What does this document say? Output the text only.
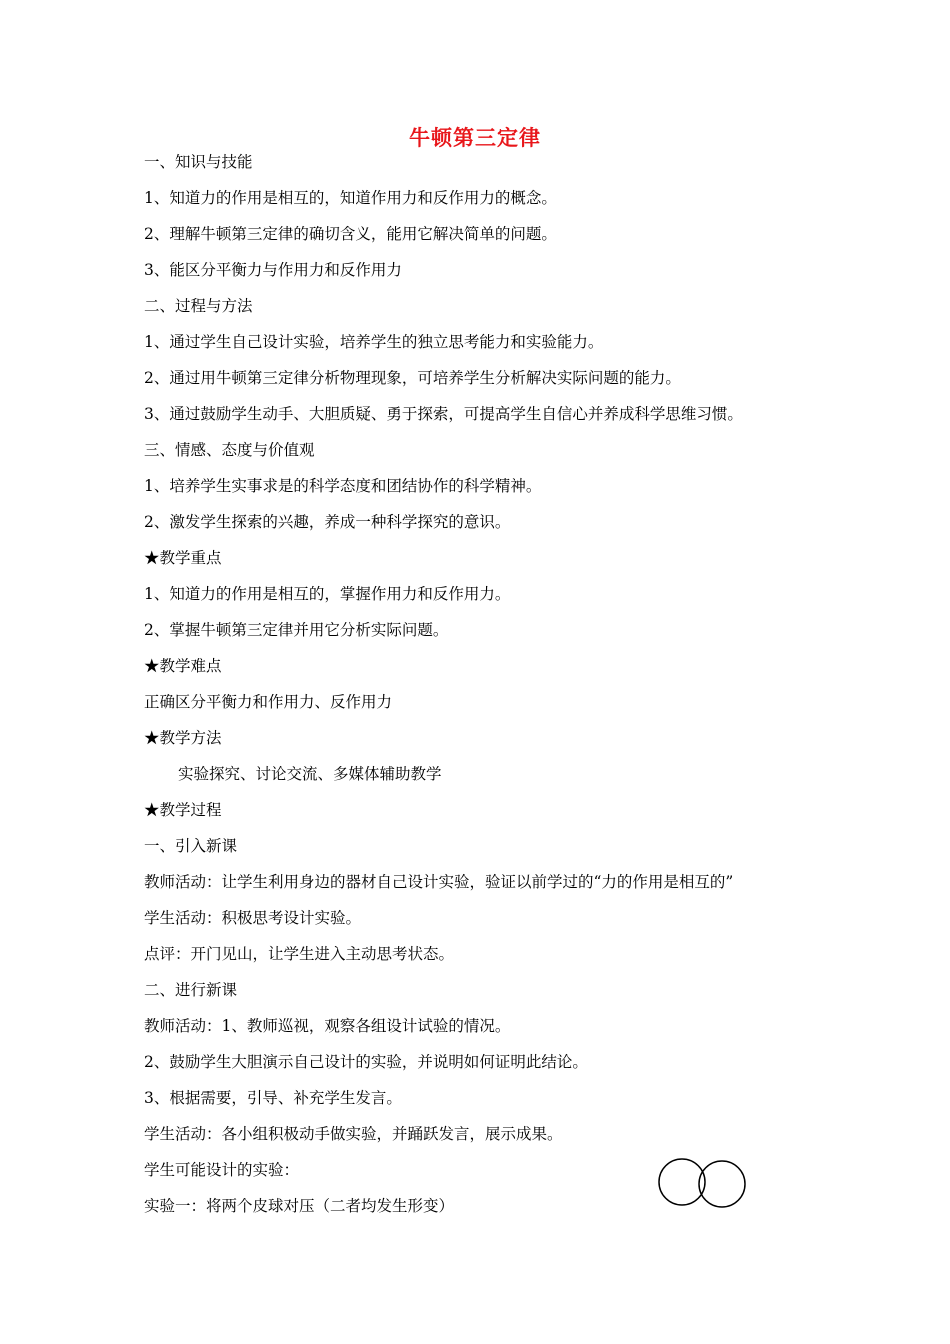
牛顿第三定律
一、知识与技能
1、知道力的作用是相互的，知道作用力和反作用力的概念。
2、理解牛顿第三定律的确切含义，能用它解决简单的问题。
3、能区分平衡力与作用力和反作用力
二、过程与方法
1、通过学生自己设计实验，培养学生的独立思考能力和实验能力。
2、通过用牛顿第三定律分析物理现象，可培养学生分析解决实际问题的能力。
3、通过鼓励学生动手、大胆质疑、勇于探索，可提高学生自信心并养成科学思维习惯。
三、情感、态度与价值观
1、培养学生实事求是的科学态度和团结协作的科学精神。
2、激发学生探索的兴趣，养成一种科学探究的意识。
★教学重点
1、知道力的作用是相互的，掌握作用力和反作用力。
2、掌握牛顿第三定律并用它分析实际问题。
★教学难点
正确区分平衡力和作用力、反作用力
★教学方法
实验探究、讨论交流、多媒体辅助教学
★教学过程
一、引入新课
教师活动：让学生利用身边的器材自己设计实验，验证以前学过的“力的作用是相互的”
学生活动：积极思考设计实验。
点评：开门见山，让学生进入主动思考状态。
二、进行新课
教师活动：1、教师巡视，观察各组设计试验的情况。
2、鼓励学生大胆演示自己设计的实验，并说明如何证明此结论。
3、根据需要，引导、补充学生发言。
学生活动：各小组积极动手做实验，并踊跃发言，展示成果。
学生可能设计的实验：
实验一：将两个皮球对压（二者均发生形变）
